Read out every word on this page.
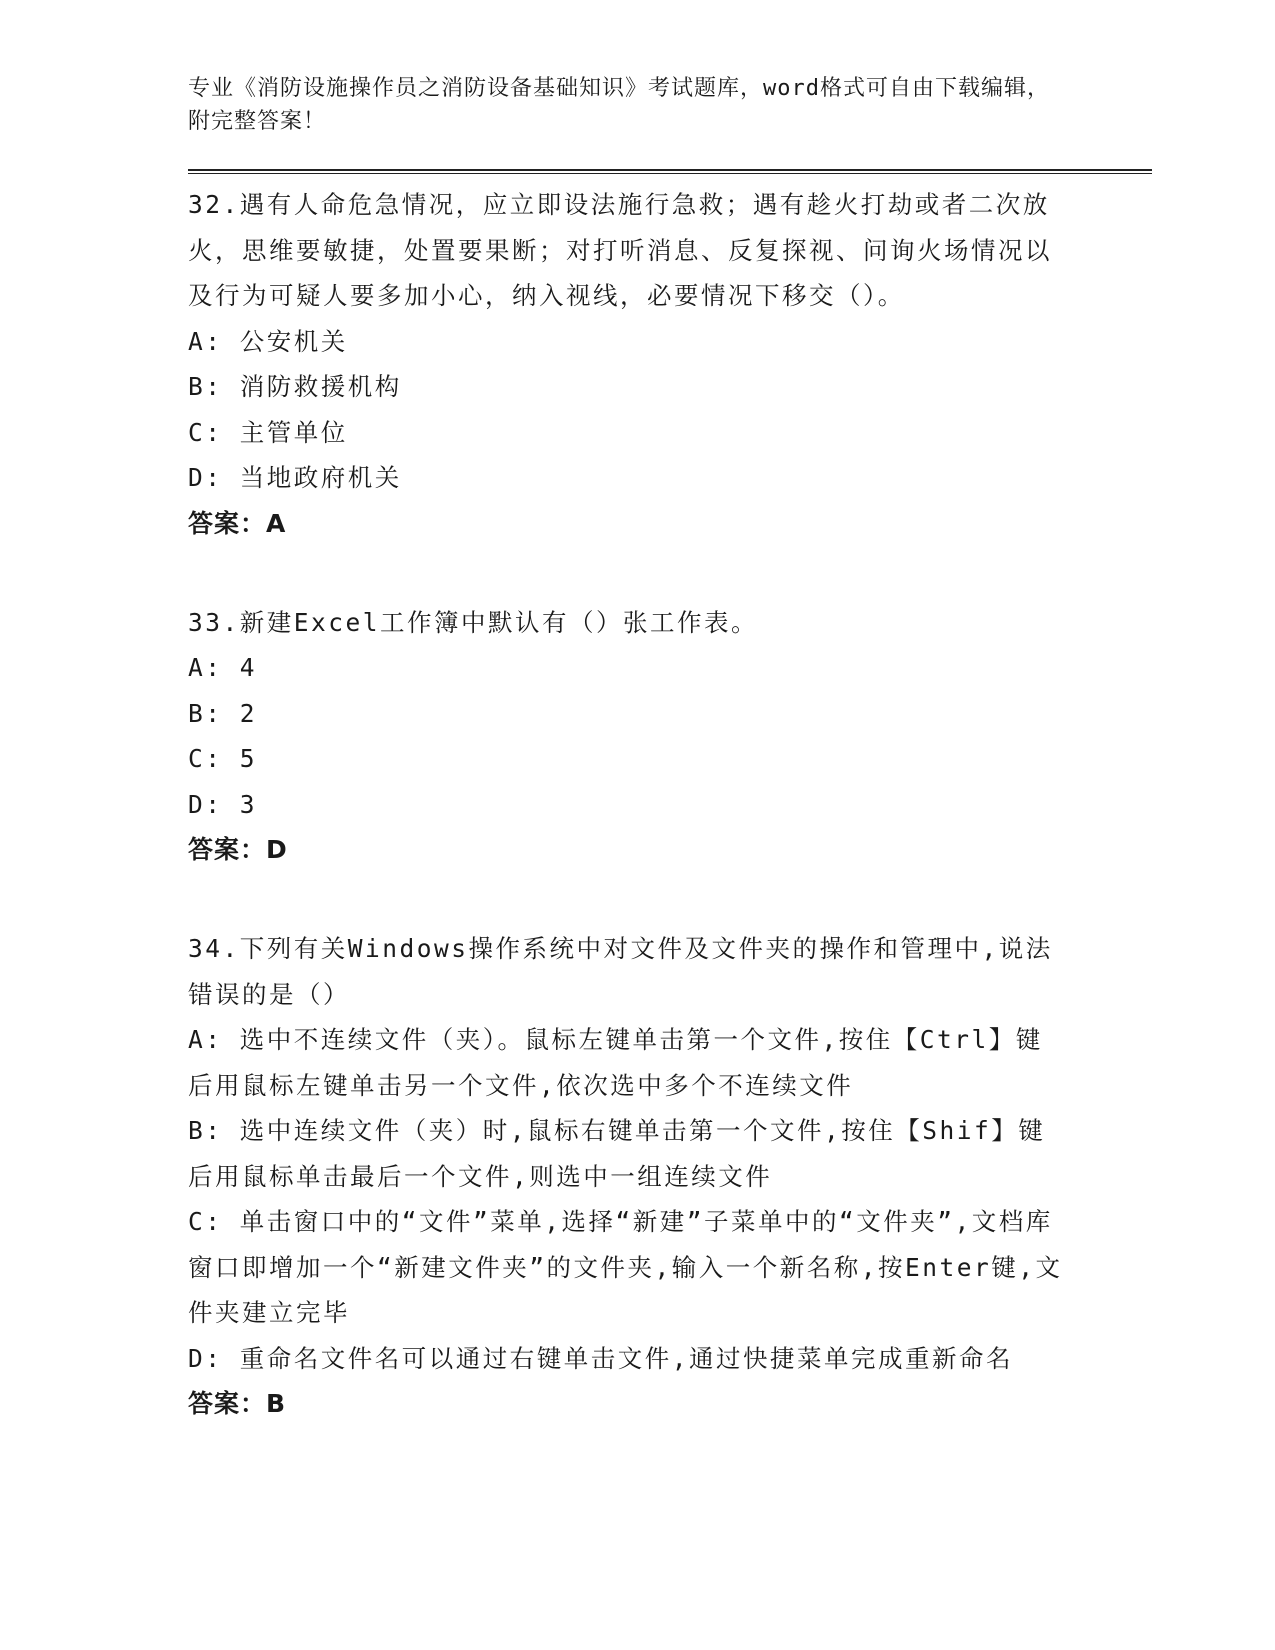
专业《消防设施操作员之消防设备基础知识》考试题库，word格式可自由下载编辑，附完整答案！
32.遇有人命危急情况，应立即设法施行急救；遇有趁火打劫或者二次放火，思维要敏捷，处置要果断；对打听消息、反复探视、问询火场情况以及行为可疑人要多加小心，纳入视线，必要情况下移交（）。
A: 公安机关
B: 消防救援机构
C: 主管单位
D: 当地政府机关
答案：A
33.新建Excel工作簿中默认有（）张工作表。
A: 4
B: 2
C: 5
D: 3
答案：D
34.下列有关Windows操作系统中对文件及文件夹的操作和管理中,说法错误的是（）
A: 选中不连续文件（夹）。鼠标左键单击第一个文件,按住【Ctrl】键后用鼠标左键单击另一个文件,依次选中多个不连续文件
B: 选中连续文件（夹）时,鼠标右键单击第一个文件,按住【Shif】键后用鼠标单击最后一个文件,则选中一组连续文件
C: 单击窗口中的“文件”菜单,选择“新建”子菜单中的“文件夹”,文档库窗口即增加一个“新建文件夹”的文件夹,输入一个新名称,按Enter键,文件夹建立完毕
D: 重命名文件名可以通过右键单击文件,通过快捷菜单完成重新命名
答案：B
